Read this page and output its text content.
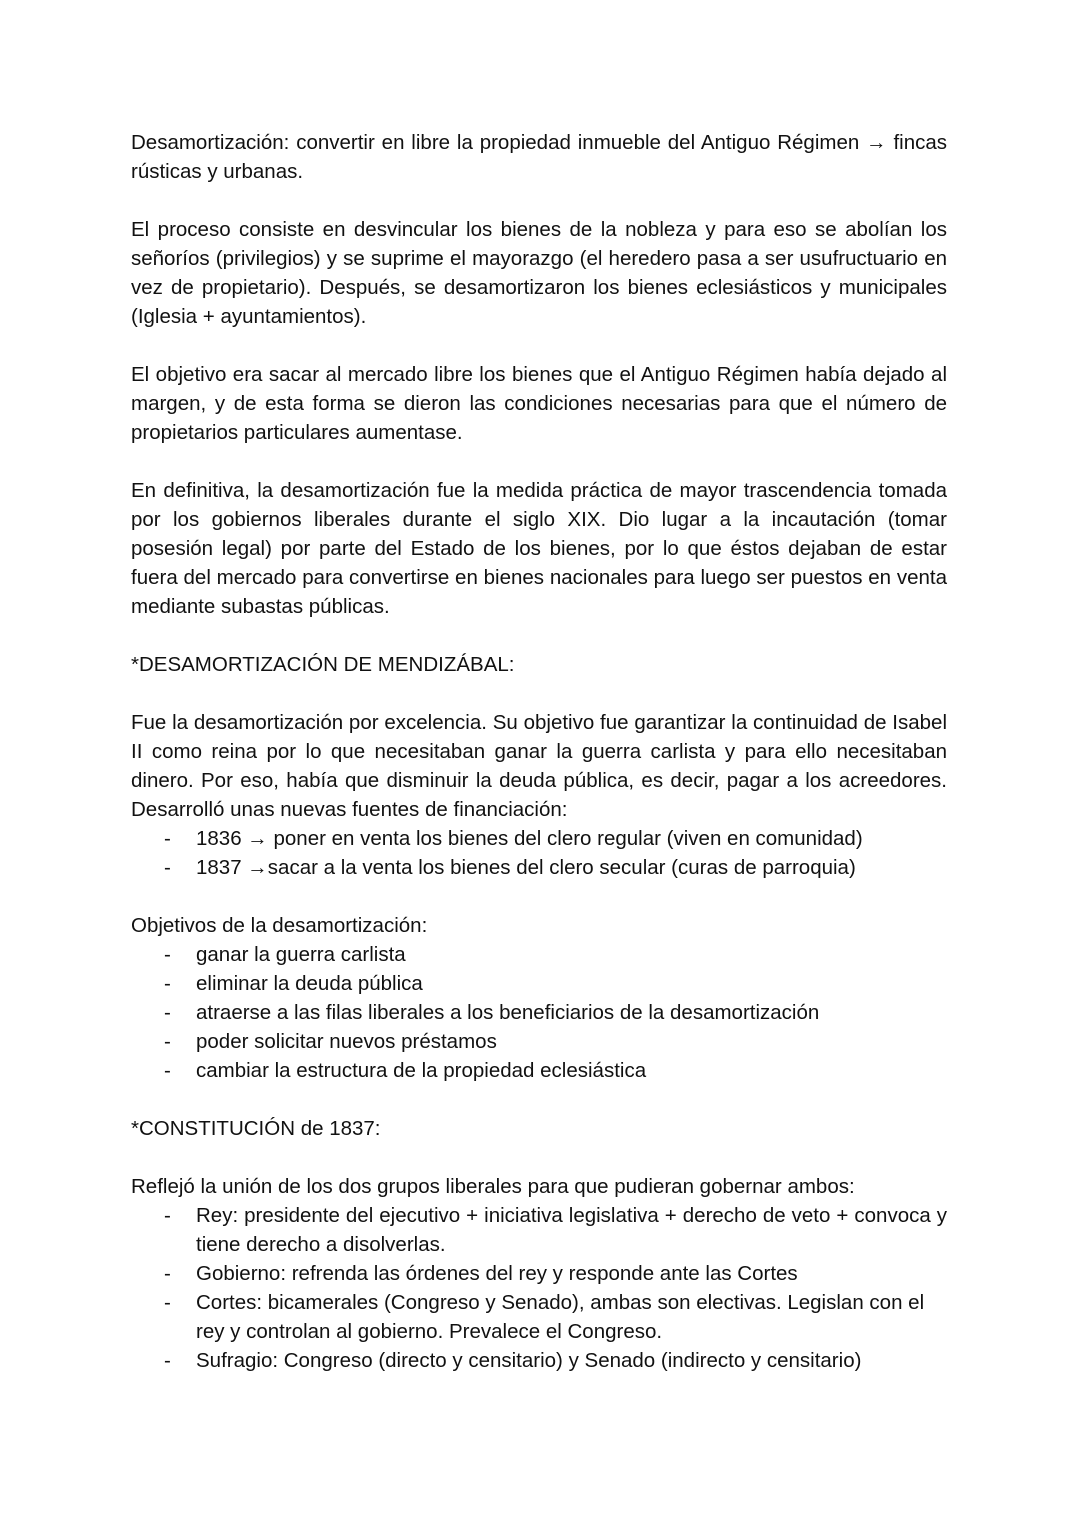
Desamortización: convertir en libre la propiedad inmueble del Antiguo Régimen → fincas rústicas y urbanas.

El proceso consiste en desvincular los bienes de la nobleza y para eso se abolían los señoríos (privilegios) y se suprime el mayorazgo (el heredero pasa a ser usufructuario en vez de propietario). Después, se desamortizaron los bienes eclesiásticos y municipales (Iglesia + ayuntamientos).

El objetivo era sacar al mercado libre los bienes que el Antiguo Régimen había dejado al margen, y de esta forma se dieron las condiciones necesarias para que el número de propietarios particulares aumentase.

En definitiva, la desamortización fue la medida práctica de mayor trascendencia tomada por los gobiernos liberales durante el siglo XIX. Dio lugar a la incautación (tomar posesión legal) por parte del Estado de los bienes, por lo que éstos dejaban de estar fuera del mercado para convertirse en bienes nacionales para luego ser puestos en venta mediante subastas públicas.

*DESAMORTIZACIÓN DE MENDIZÁBAL:

Fue la desamortización por excelencia. Su objetivo fue garantizar la continuidad de Isabel II como reina por lo que necesitaban ganar la guerra carlista y para ello necesitaban dinero. Por eso, había que disminuir la deuda pública, es decir, pagar a los acreedores. Desarrolló unas nuevas fuentes de financiación:

- 1836 → poner en venta los bienes del clero regular (viven en comunidad)
- 1837 →sacar a la venta los bienes del clero secular (curas de parroquia)

Objetivos de la desamortización:

- ganar la guerra carlista
- eliminar la deuda pública
- atraerse a las filas liberales a los beneficiarios de la desamortización
- poder solicitar nuevos préstamos
- cambiar la estructura de la propiedad eclesiástica

*CONSTITUCIÓN de 1837:

Reflejó la unión de los dos grupos liberales para que pudieran gobernar ambos:

- Rey: presidente del ejecutivo + iniciativa legislativa + derecho de veto + convoca y tiene derecho a disolverlas.
- Gobierno: refrenda las órdenes del rey y responde ante las Cortes
- Cortes: bicamerales (Congreso y Senado), ambas son electivas. Legislan con el rey y controlan al gobierno. Prevalece el Congreso.
- Sufragio: Congreso (directo y censitario) y Senado (indirecto y censitario)
